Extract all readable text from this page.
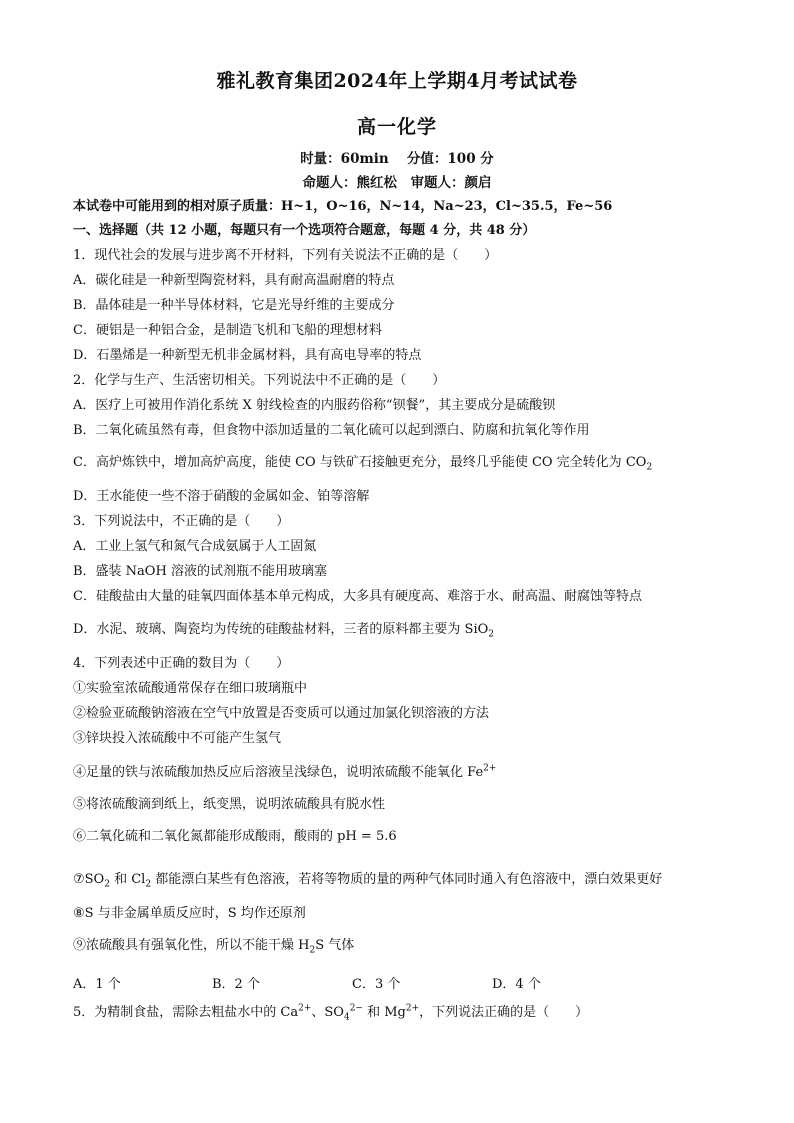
雅礼教育集团2024年上学期4月考试试卷
高一化学
时量：60min　 分值：100 分
命题人：熊红松　审题人：颜启
本试卷中可能用到的相对原子质量：H~1，O~16，N~14，Na~23，Cl~35.5，Fe~56
一、选择题（共 12 小题，每题只有一个选项符合题意，每题 4 分，共 48 分）
1．现代社会的发展与进步离不开材料，下列有关说法不正确的是（　　）
A．碳化硅是一种新型陶瓷材料，具有耐高温耐磨的特点
B．晶体硅是一种半导体材料，它是光导纤维的主要成分
C．硬铝是一种铝合金，是制造飞机和飞船的理想材料
D．石墨烯是一种新型无机非金属材料，具有高电导率的特点
2．化学与生产、生活密切相关。下列说法中不正确的是（　　）
A．医疗上可被用作消化系统 X 射线检查的内服药俗称“钡餐”，其主要成分是硫酸钡
B．二氧化硫虽然有毒，但食物中添加适量的二氧化硫可以起到漂白、防腐和抗氧化等作用
C．高炉炼铁中，增加高炉高度，能使 CO 与铁矿石接触更充分，最终几乎能使 CO 完全转化为 $CO_2$
D．王水能使一些不溶于硝酸的金属如金、铂等溶解
3．下列说法中，不正确的是（　　）
A．工业上氢气和氮气合成氨属于人工固氮
B．盛装 NaOH 溶液的试剂瓶不能用玻璃塞
C．硅酸盐由大量的硅氧四面体基本单元构成，大多具有硬度高、难溶于水、耐高温、耐腐蚀等特点
D．水泥、玻璃、陶瓷均为传统的硅酸盐材料，三者的原料都主要为 SiO$_2$
4．下列表述中正确的数目为（　　）
①实验室浓硫酸通常保存在细口玻璃瓶中
②检验亚硫酸钠溶液在空气中放置是否变质可以通过加氯化钡溶液的方法
③锌块投入浓硫酸中不可能产生氢气
④足量的铁与浓硫酸加热反应后溶液呈浅绿色，说明浓硫酸不能氧化 $Fe^{2+}$
⑤将浓硫酸滴到纸上，纸变黑，说明浓硫酸具有脱水性
⑥二氧化硫和二氧化氮都能形成酸雨，酸雨的 pH = 5.6
$⑦SO_2$ 和 $Cl_2$ 都能漂白某些有色溶液，若将等物质的量的两种气体同时通入有色溶液中，漂白效果更好
⑧S 与非金属单质反应时，S 均作还原剂
⑨浓硫酸具有强氧化性，所以不能干燥 $H_2S$ 气体
A．1 个	B．2 个	C．3 个	D．4 个
5．为精制食盐，需除去粗盐水中的 $Ca^{2+}$、$SO_4^{2-}$ 和 $Mg^{2+}$，下列说法正确的是（　　）
